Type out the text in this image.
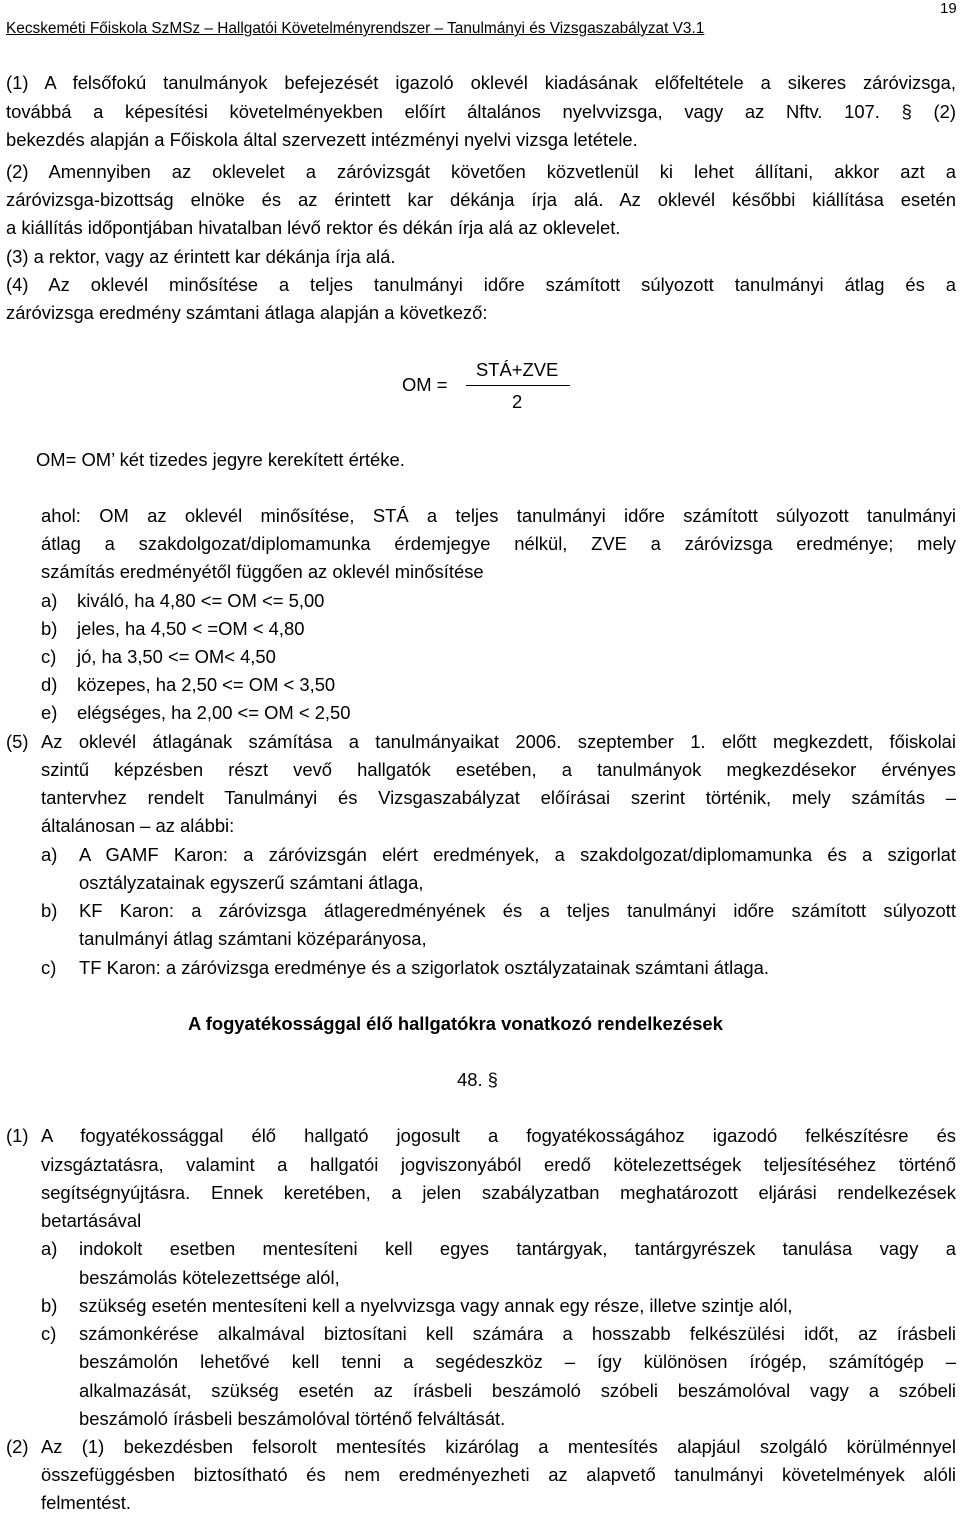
19
Kecskeméti Főiskola SzMSz – Hallgatói Követelményrendszer – Tanulmányi és Vizsgaszabályzat V3.1
(1) A felsőfokú tanulmányok befejezését igazoló oklevél kiadásának előfeltétele a sikeres záróvizsga,
továbbá a képesítési követelményekben előírt általános nyelvvizsga, vagy az Nftv. 107. § (2)
bekezdés alapján a Főiskola által szervezett intézményi nyelvi vizsga letétele.
(2) Amennyiben az oklevelet a záróvizsgát követően közvetlenül ki lehet állítani, akkor azt a
záróvizsga-bizottság elnöke és az érintett kar dékánja írja alá. Az oklevél későbbi kiállítása esetén
a kiállítás időpontjában hivatalban lévő rektor és dékán írja alá az oklevelet.
(3) a rektor, vagy az érintett kar dékánja írja alá.
(4) Az oklevél minősítése a teljes tanulmányi időre számított súlyozott tanulmányi átlag és a
záróvizsga eredmény számtani átlaga alapján a következő:
OM =
STÁ+ZVE
2
OM= OM’ két tizedes jegyre kerekített értéke.
ahol: OM az oklevél minősítése, STÁ a teljes tanulmányi időre számított súlyozott tanulmányi
átlag a szakdolgozat/diplomamunka érdemjegye nélkül, ZVE a záróvizsga eredménye; mely
számítás eredményétől függően az oklevél minősítése
a) kiváló, ha 4,80 <= OM <= 5,00
b) jeles, ha 4,50 < =OM < 4,80
c) jó, ha 3,50 <= OM< 4,50
d) közepes, ha 2,50 <= OM < 3,50
e) elégséges, ha 2,00 <= OM < 2,50
(5) Az oklevél átlagának számítása a tanulmányaikat 2006. szeptember 1. előtt megkezdett, főiskolai
szintű képzésben részt vevő hallgatók esetében, a tanulmányok megkezdésekor érvényes
tantervhez rendelt Tanulmányi és Vizsgaszabályzat előírásai szerint történik, mely számítás –
általánosan – az alábbi:
a) A GAMF Karon: a záróvizsgán elért eredmények, a szakdolgozat/diplomamunka és a szigorlat
osztályzatainak egyszerű számtani átlaga,
b) KF Karon: a záróvizsga átlageredményének és a teljes tanulmányi időre számított súlyozott
tanulmányi átlag számtani középarányosa,
c) TF Karon: a záróvizsga eredménye és a szigorlatok osztályzatainak számtani átlaga.
A fogyatékossággal élő hallgatókra vonatkozó rendelkezések
48. §
(1) A fogyatékossággal élő hallgató jogosult a fogyatékosságához igazodó felkészítésre és
vizsgáztatásra, valamint a hallgatói jogviszonyából eredő kötelezettségek teljesítéséhez történő
segítségnyújtásra. Ennek keretében, a jelen szabályzatban meghatározott eljárási rendelkezések
betartásával
a) indokolt esetben mentesíteni kell egyes tantárgyak, tantárgyrészek tanulása vagy a
beszámolás kötelezettsége alól,
b) szükség esetén mentesíteni kell a nyelvvizsga vagy annak egy része, illetve szintje alól,
c) számonkérése alkalmával biztosítani kell számára a hosszabb felkészülési időt, az írásbeli
beszámolón lehetővé kell tenni a segédeszköz – így különösen írógép, számítógép –
alkalmazását, szükség esetén az írásbeli beszámoló szóbeli beszámolóval vagy a szóbeli
beszámoló írásbeli beszámolóval történő felváltását.
(2) Az (1) bekezdésben felsorolt mentesítés kizárólag a mentesítés alapjául szolgáló körülménnyel
összefüggésben biztosítható és nem eredményezheti az alapvető tanulmányi követelmények alóli
felmentést.
